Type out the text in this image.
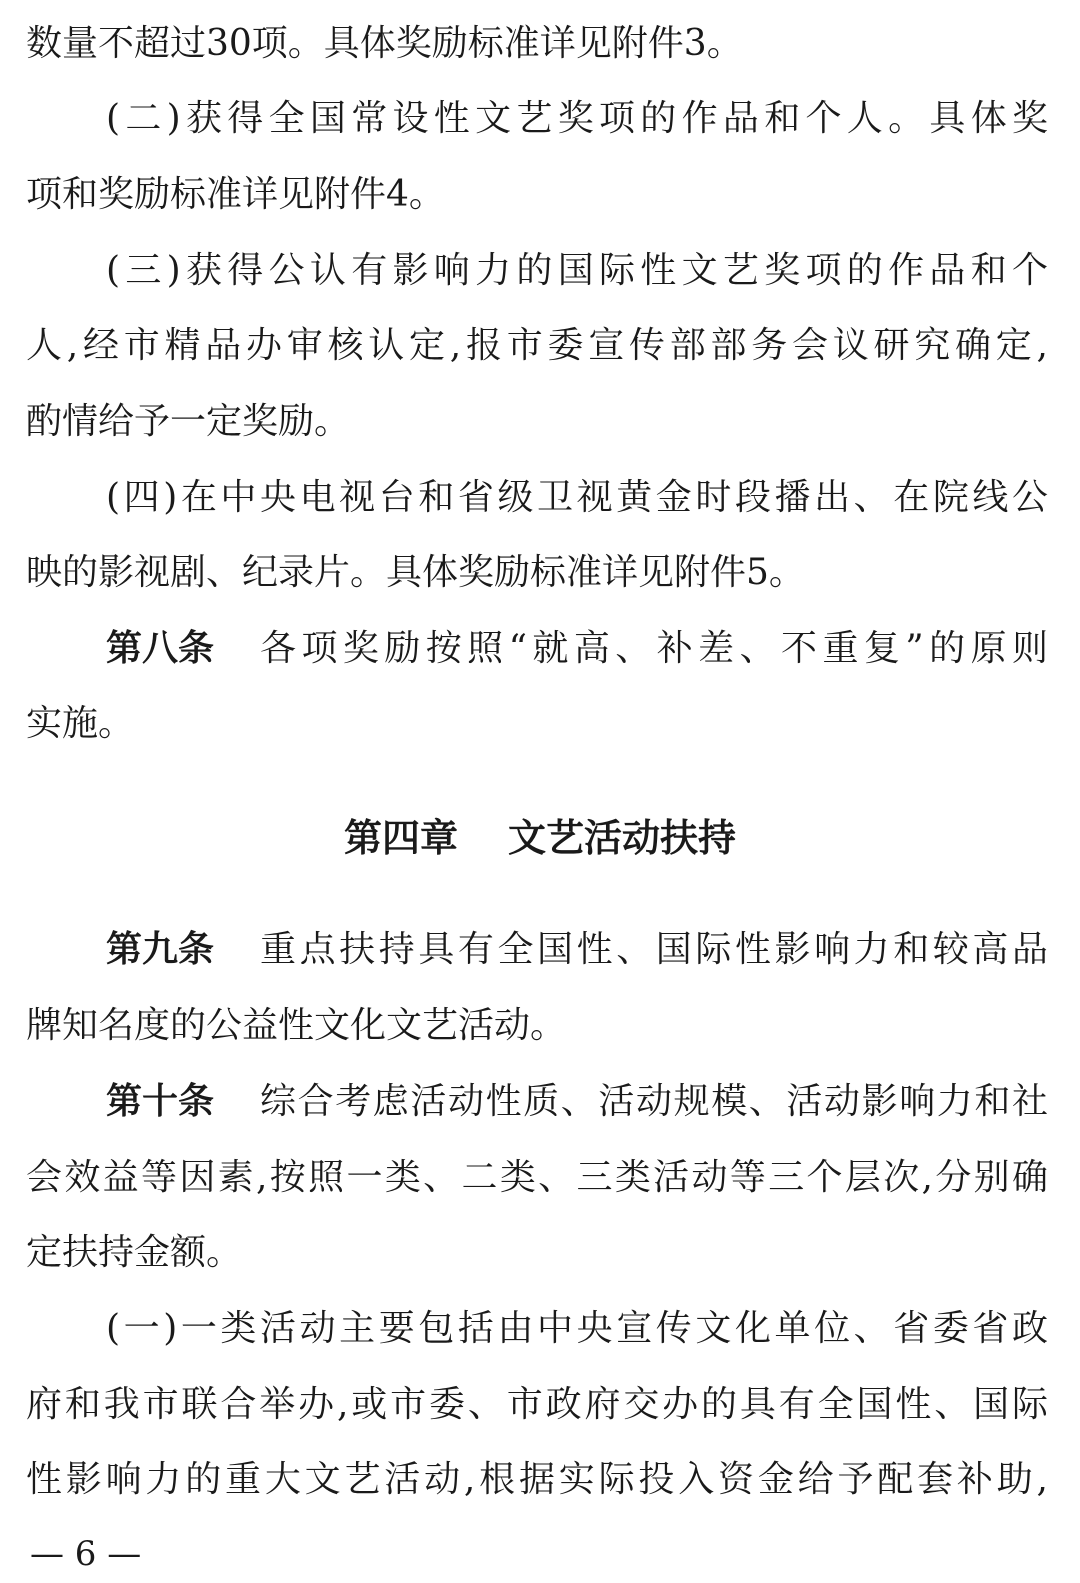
数量不超过30项。具体奖励标准详见附件3。
(二)获得全国常设性文艺奖项的作品和个人。具体奖
项和奖励标准详见附件4。
(三)获得公认有影响力的国际性文艺奖项的作品和个
人,经市精品办审核认定,报市委宣传部部务会议研究确定,
酌情给予一定奖励。
(四)在中央电视台和省级卫视黄金时段播出、在院线公
映的影视剧、纪录片。具体奖励标准详见附件5。
第八条 各项奖励按照“就高、补差、不重复”的原则
实施。
第四章 文艺活动扶持
第九条 重点扶持具有全国性、国际性影响力和较高品
牌知名度的公益性文化文艺活动。
第十条 综合考虑活动性质、活动规模、活动影响力和社
会效益等因素,按照一类、二类、三类活动等三个层次,分别确
定扶持金额。
(一)一类活动主要包括由中央宣传文化单位、省委省政
府和我市联合举办,或市委、市政府交办的具有全国性、国际
性影响力的重大文艺活动,根据实际投入资金给予配套补助,
— 6 —
